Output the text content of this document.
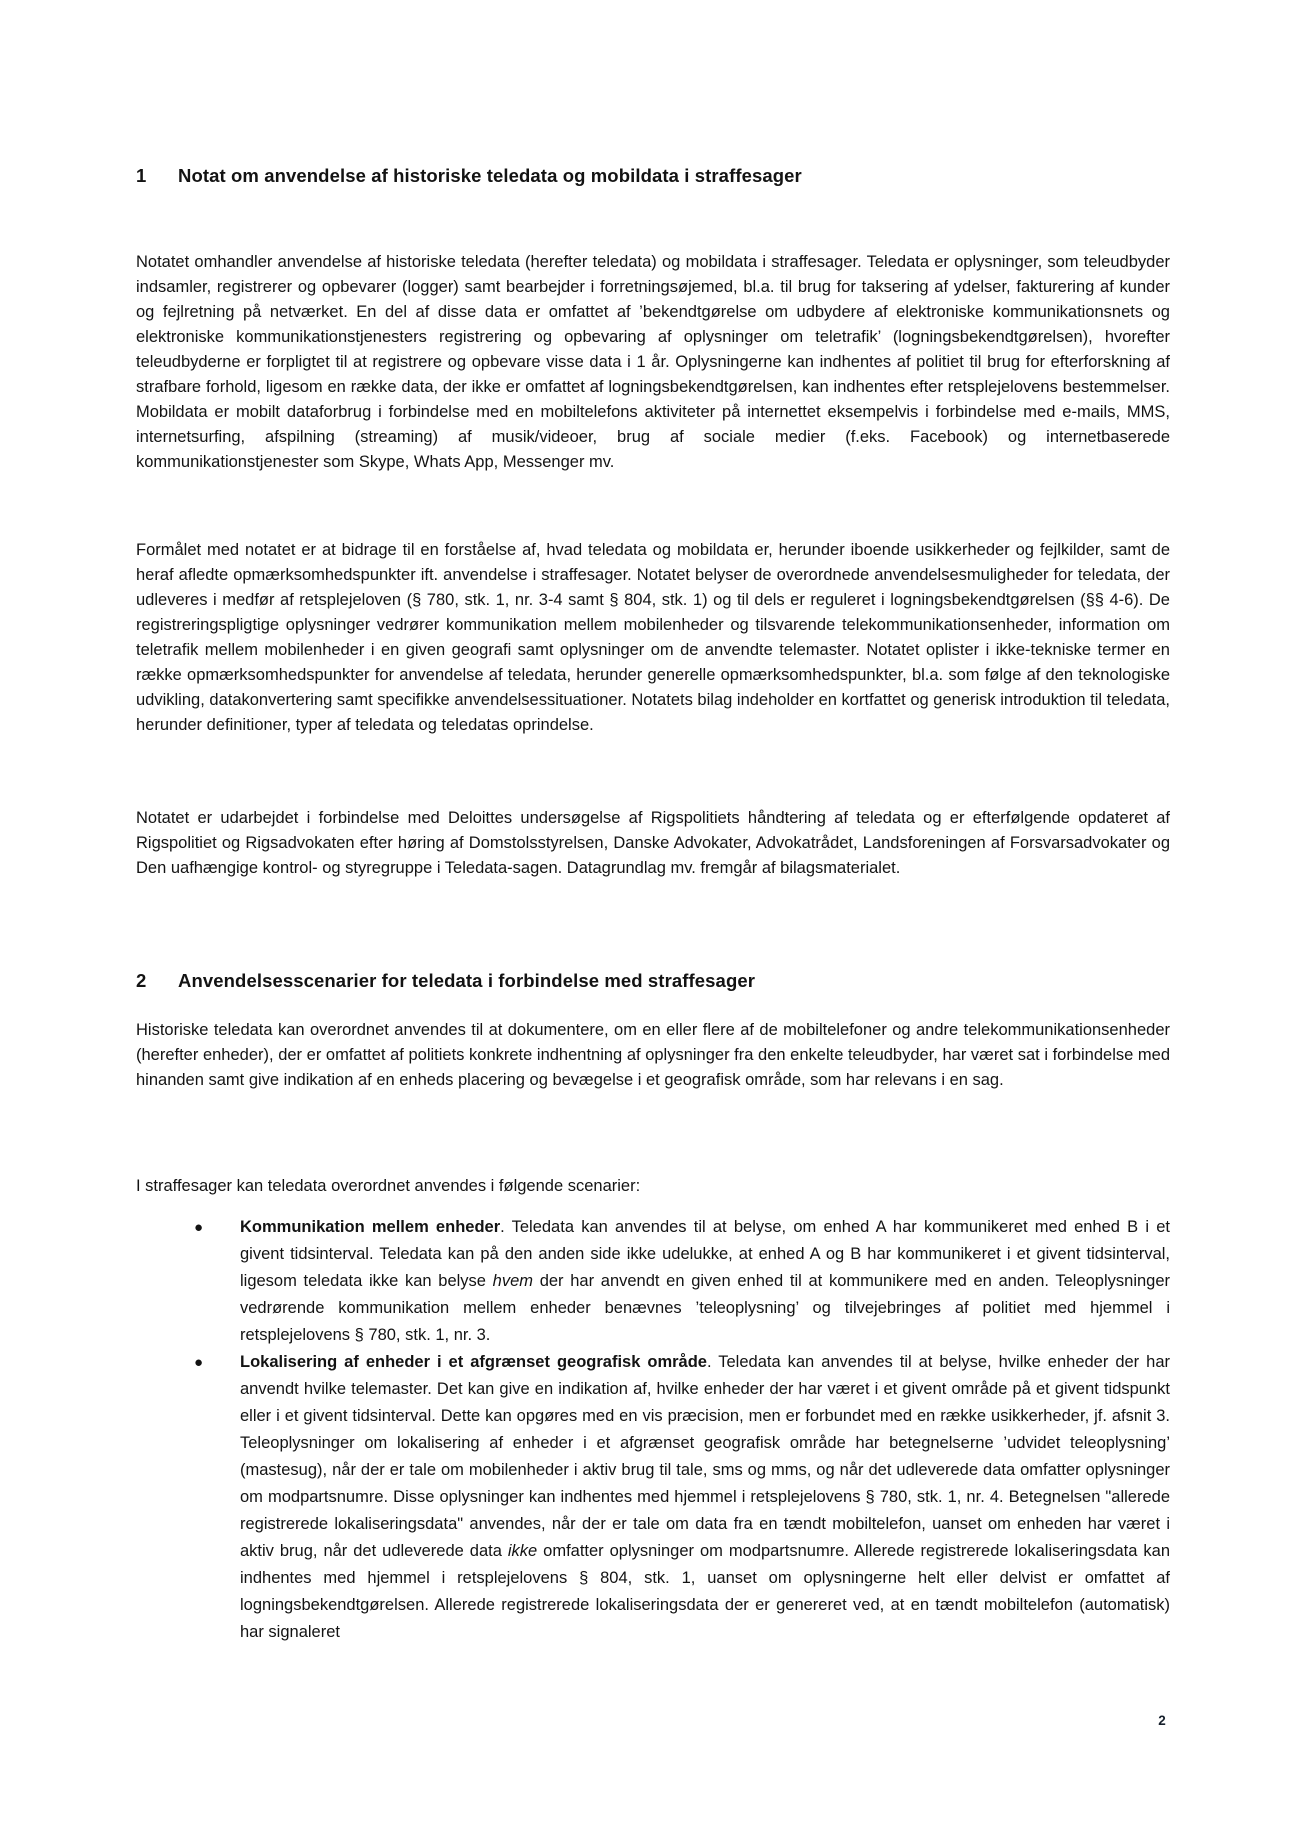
1	Notat om anvendelse af historiske teledata og mobildata i straffesager

Notatet omhandler anvendelse af historiske teledata (herefter teledata) og mobildata i straffesager. Teledata er oplysninger, som teleudbyder indsamler, registrerer og opbevarer (logger) samt bearbejder i forretningsøjemed, bl.a. til brug for taksering af ydelser, fakturering af kunder og fejlretning på netværket. En del af disse data er omfattet af ’bekendtgørelse om udbydere af elektroniske kommunikationsnets og elektroniske kommunikationstjenesters registrering og opbevaring af oplysninger om teletrafik’ (logningsbekendtgørelsen), hvorefter teleudbyderne er forpligtet til at registrere og opbevare visse data i 1 år. Oplysningerne kan indhentes af politiet til brug for efterforskning af strafbare forhold, ligesom en række data, der ikke er omfattet af logningsbekendtgørelsen, kan indhentes efter retsplejelovens bestemmelser. Mobildata er mobilt dataforbrug i forbindelse med en mobiltelefons aktiviteter på internettet eksempelvis i forbindelse med e-mails, MMS, internetsurfing, afspilning (streaming) af musik/videoer, brug af sociale medier (f.eks. Facebook) og internetbaserede kommunikationstjenester som Skype, Whats App, Messenger mv.

Formålet med notatet er at bidrage til en forståelse af, hvad teledata og mobildata er, herunder iboende usikkerheder og fejlkilder, samt de heraf afledte opmærksomhedspunkter ift. anvendelse i straffesager. Notatet belyser de overordnede anvendelsesmuligheder for teledata, der udleveres i medfør af retsplejeloven (§ 780, stk. 1, nr. 3-4 samt § 804, stk. 1) og til dels er reguleret i logningsbekendtgørelsen (§§ 4-6). De registreringspligtige oplysninger vedrører kommunikation mellem mobilenheder og tilsvarende telekommunikationsenheder, information om teletrafik mellem mobilenheder i en given geografi samt oplysninger om de anvendte telemaster. Notatet oplister i ikke-tekniske termer en række opmærksomhedspunkter for anvendelse af teledata, herunder generelle opmærksomhedspunkter, bl.a. som følge af den teknologiske udvikling, datakonvertering samt specifikke anvendelsessituationer. Notatets bilag indeholder en kortfattet og generisk introduktion til teledata, herunder definitioner, typer af teledata og teledatas oprindelse.

Notatet er udarbejdet i forbindelse med Deloittes undersøgelse af Rigspolitiets håndtering af teledata og er efterfølgende opdateret af Rigspolitiet og Rigsadvokaten efter høring af Domstolsstyrelsen, Danske Advokater, Advokatrådet, Landsforeningen af Forsvarsadvokater og Den uafhængige kontrol- og styregruppe i Teledata-sagen. Datagrundlag mv. fremgår af bilagsmaterialet.

2	Anvendelsesscenarier for teledata i forbindelse med straffesager

Historiske teledata kan overordnet anvendes til at dokumentere, om en eller flere af de mobiltelefoner og andre telekommunikationsenheder (herefter enheder), der er omfattet af politiets konkrete indhentning af oplysninger fra den enkelte teleudbyder, har været sat i forbindelse med hinanden samt give indikation af en enheds placering og bevægelse i et geografisk område, som har relevans i en sag.

I straffesager kan teledata overordnet anvendes i følgende scenarier:

● Kommunikation mellem enheder. Teledata kan anvendes til at belyse, om enhed A har kommunikeret med enhed B i et givent tidsinterval. Teledata kan på den anden side ikke udelukke, at enhed A og B har kommunikeret i et givent tidsinterval, ligesom teledata ikke kan belyse hvem der har anvendt en given enhed til at kommunikere med en anden. Teleoplysninger vedrørende kommunikation mellem enheder benævnes ’teleoplysning’ og tilvejebringes af politiet med hjemmel i retsplejelovens § 780, stk. 1, nr. 3.
● Lokalisering af enheder i et afgrænset geografisk område. Teledata kan anvendes til at belyse, hvilke enheder der har anvendt hvilke telemaster. Det kan give en indikation af, hvilke enheder der har været i et givent område på et givent tidspunkt eller i et givent tidsinterval. Dette kan opgøres med en vis præcision, men er forbundet med en række usikkerheder, jf. afsnit 3. Teleoplysninger om lokalisering af enheder i et afgrænset geografisk område har betegnelserne ’udvidet teleoplysning’ (mastesug), når der er tale om mobilenheder i aktiv brug til tale, sms og mms, og når det udleverede data omfatter oplysninger om modpartsnumre. Disse oplysninger kan indhentes med hjemmel i retsplejelovens § 780, stk. 1, nr. 4. Betegnelsen "allerede registrerede lokaliseringsdata" anvendes, når der er tale om data fra en tændt mobiltelefon, uanset om enheden har været i aktiv brug, når det udleverede data ikke omfatter oplysninger om modpartsnumre. Allerede registrerede lokaliseringsdata kan indhentes med hjemmel i retsplejelovens § 804, stk. 1, uanset om oplysningerne helt eller delvist er omfattet af logningsbekendtgørelsen. Allerede registrerede lokaliseringsdata der er genereret ved, at en tændt mobiltelefon (automatisk) har signaleret
2
